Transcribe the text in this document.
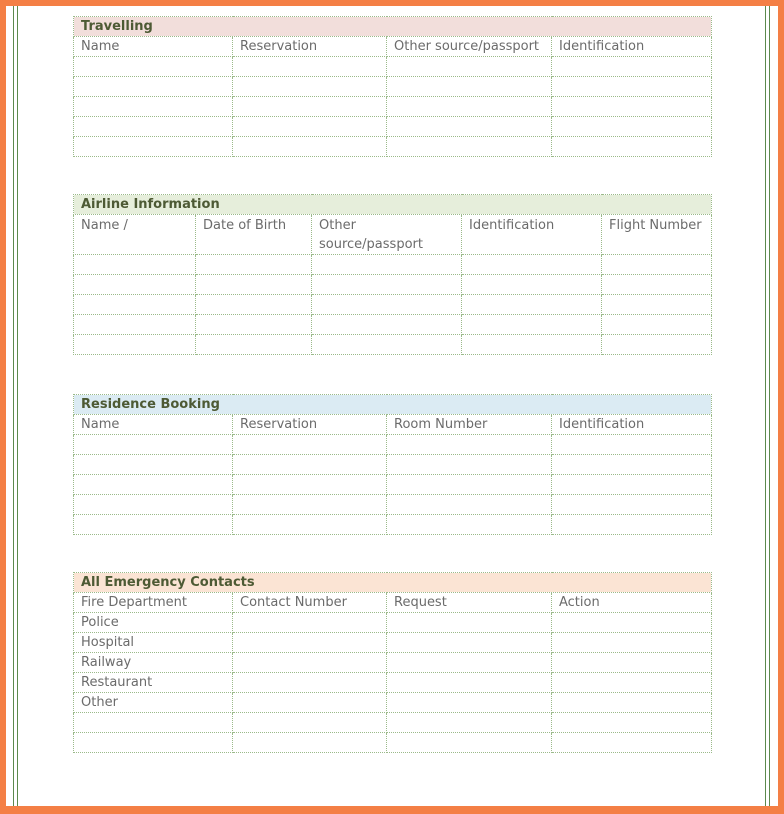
Travelling			
Name	Reservation	Other source/passport	Identification

Airline Information				
Name /	Date of Birth	Other source/passport	Identification	Flight Number

Residence Booking			
Name	Reservation	Room Number	Identification

All Emergency Contacts			
Fire Department	Contact Number	Request	Action
Police			
Hospital			
Railway			
Restaurant			
Other			
